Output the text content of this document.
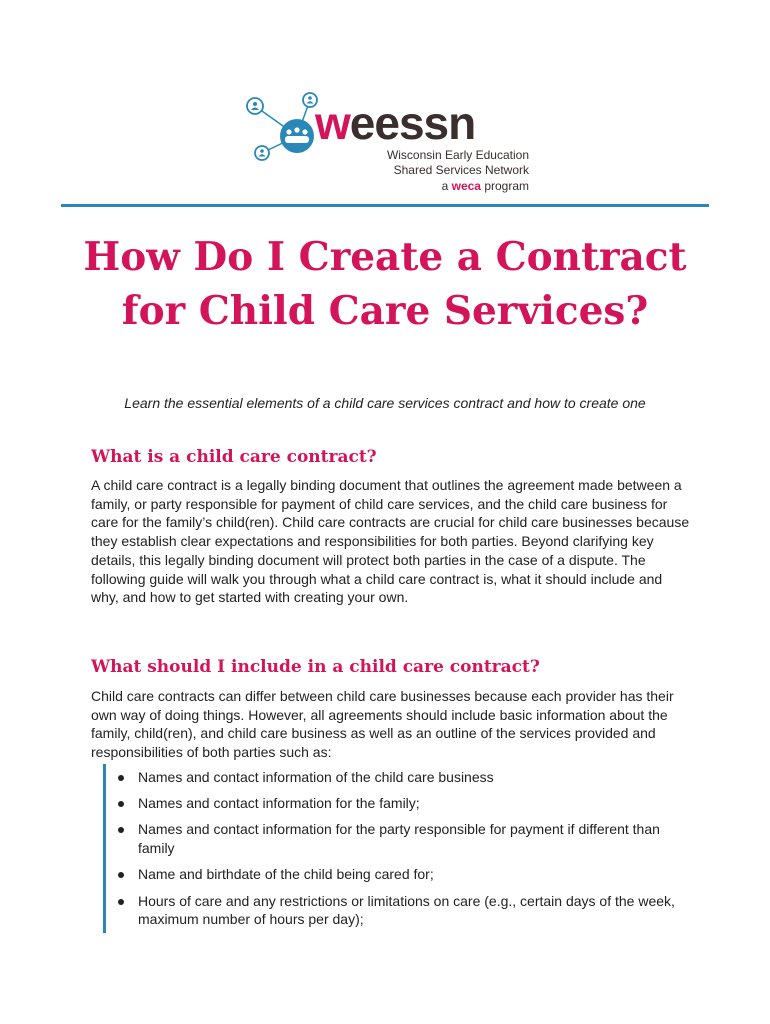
weessn
Wisconsin Early Education
Shared Services Network
a weca program
How Do I Create a Contract for Child Care Services?
Learn the essential elements of a child care services contract and how to create one
What is a child care contract?

A child care contract is a legally binding document that outlines the agreement made between a family, or party responsible for payment of child care services, and the child care business for care for the family’s child(ren). Child care contracts are crucial for child care businesses because they establish clear expectations and responsibilities for both parties. Beyond clarifying key details, this legally binding document will protect both parties in the case of a dispute. The following guide will walk you through what a child care contract is, what it should include and why, and how to get started with creating your own.

What should I include in a child care contract?

Child care contracts can differ between child care businesses because each provider has their own way of doing things. However, all agreements should include basic information about the family, child(ren), and child care business as well as an outline of the services provided and responsibilities of both parties such as:

Names and contact information of the child care business
Names and contact information for the family;
Names and contact information for the party responsible for payment if different than family
Name and birthdate of the child being cared for;
Hours of care and any restrictions or limitations on care (e.g., certain days of the week, maximum number of hours per day);
